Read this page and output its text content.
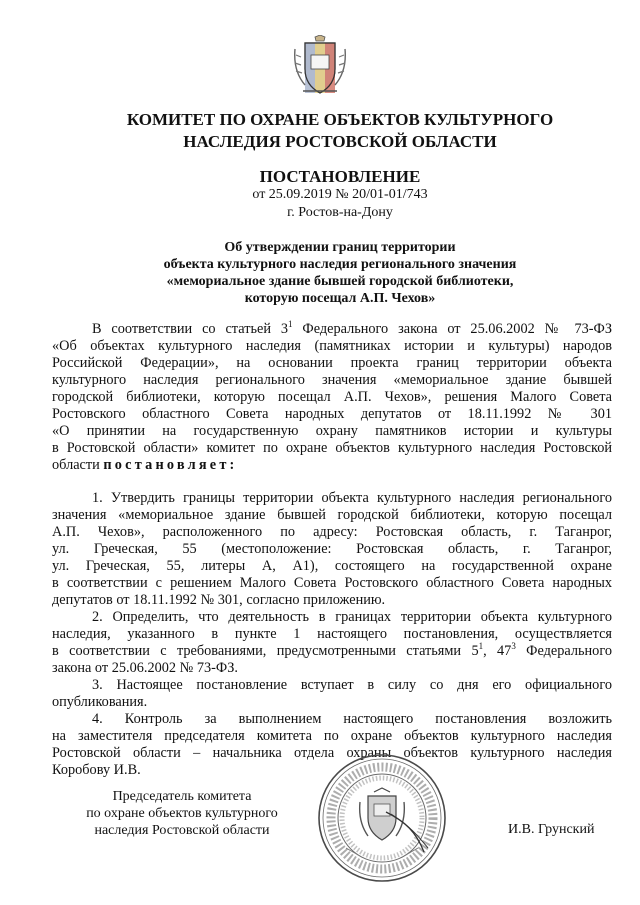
КОМИТЕТ ПО ОХРАНЕ ОБЪЕКТОВ КУЛЬТУРНОГО
НАСЛЕДИЯ РОСТОВСКОЙ ОБЛАСТИ
ПОСТАНОВЛЕНИЕ
от 25.09.2019 № 20/01-01/743
г. Ростов-на-Дону
Об утверждении границ территории
объекта культурного наследия регионального значения
«мемориальное здание бывшей городской библиотеки,
которую посещал А.П. Чехов»
В соответствии со статьей $3^1$ Федерального закона от 25.06.2002 № 73-ФЗ
«Об объектах культурного наследия (памятниках истории и культуры) народов
Российской Федерации», на основании проекта границ территории объекта
культурного наследия регионального значения «мемориальное здание бывшей
городской библиотеки, которую посещал А.П. Чехов», решения Малого Совета
Ростовского областного Совета народных депутатов от 18.11.1992 № 301
«О принятии на государственную охрану памятников истории и культуры
в Ростовской области» комитет по охране объектов культурного наследия Ростовской
области постановляет:
1. Утвердить границы территории объекта культурного наследия регионального
значения «мемориальное здание бывшей городской библиотеки, которую посещал
А.П. Чехов», расположенного по адресу: Ростовская область, г. Таганрог,
ул. Греческая, 55 (местоположение: Ростовская область, г. Таганрог,
ул. Греческая, 55, литеры А, А1), состоящего на государственной охране
в соответствии с решением Малого Совета Ростовского областного Совета народных
депутатов от 18.11.1992 № 301, согласно приложению.
2. Определить, что деятельность в границах территории объекта культурного
наследия, указанного в пункте 1 настоящего постановления, осуществляется
в соответствии с требованиями, предусмотренными статьями $5^1$, $47^3$ Федерального
закона от 25.06.2002 № 73-ФЗ.
3. Настоящее постановление вступает в силу со дня его официального
опубликования.
4. Контроль за выполнением настоящего постановления возложить
на заместителя председателя комитета по охране объектов культурного наследия
Ростовской области – начальника отдела охраны объектов культурного наследия
Коробову И.В.
Председатель комитета
по охране объектов культурного
наследия Ростовской области	И.В. Грунский
